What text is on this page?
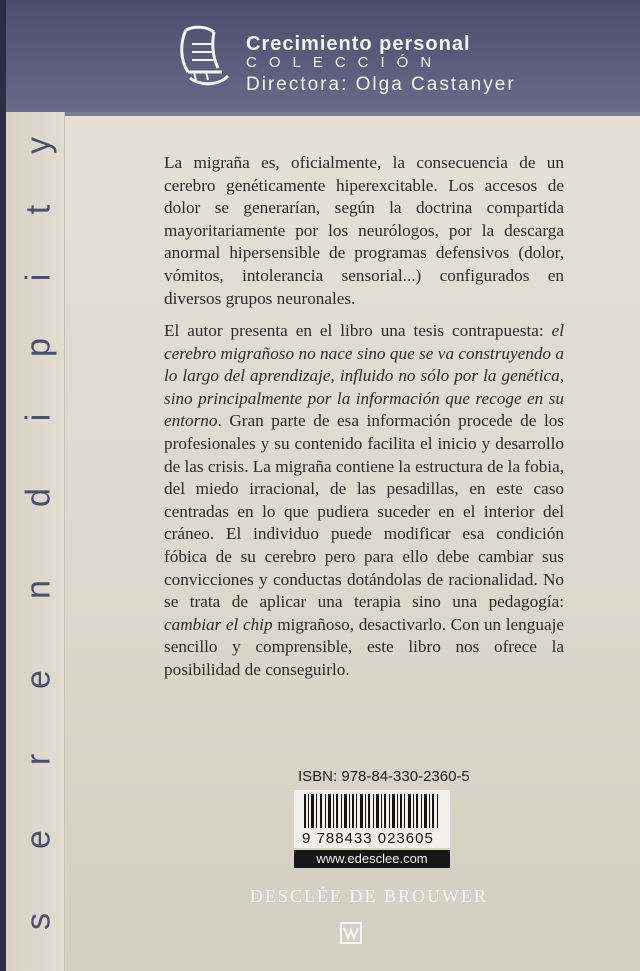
Crecimiento personal
COLECCIÓN
Directora: Olga Castanyer
y
t
i
p
i
d
n
e
r
e
s
La migraña es, oficialmente, la consecuencia de un cerebro genéticamente hiperexcitable. Los accesos de dolor se generarían, según la doctrina compartida mayoritariamente por los neurólogos, por la descarga anormal hipersensible de programas defensivos (dolor, vómitos, intolerancia sensorial...) configurados en diversos grupos neuronales.
El autor presenta en el libro una tesis contrapuesta: el cerebro migrañoso no nace sino que se va construyendo a lo largo del aprendizaje, influido no sólo por la genética, sino principalmente por la información que recoge en su entorno. Gran parte de esa información procede de los profesionales y su contenido facilita el inicio y desarrollo de las crisis. La migraña contiene la estructura de la fobia, del miedo irracional, de las pesadillas, en este caso centradas en lo que pudiera suceder en el interior del cráneo. El individuo puede modificar esa condición fóbica de su cerebro pero para ello debe cambiar sus convicciones y conductas dotándolas de racionalidad. No se trata de aplicar una terapia sino una pedagogía: cambiar el chip migrañoso, desactivarlo. Con un lenguaje sencillo y comprensible, este libro nos ofrece la posibilidad de conseguirlo.
ISBN: 978-84-330-2360-5
9 788433 023605
www.edesclee.com
DESCLÉE DE BROUWER
